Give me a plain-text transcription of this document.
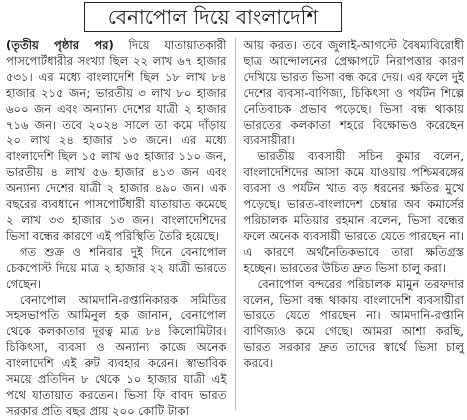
বেনাপোল দিয়ে বাংলাদেশি

(তৃতীয় পৃষ্ঠার পর) দিয়ে যাতায়াতকারী পাসপোর্টধারীর সংখ্যা ছিল ২২ লাখ ৬৭ হাজার ৫৩১। এর মধ্যে বাংলাদেশি ছিল ১৮ লাখ ৮৪ হাজার ২১৫ জন; ভারতীয় ৩ লাখ ৮০ হাজার ৬০০ জন এবং অন্যান্য দেশের যাত্রী ২ হাজার ৭১৬ জন। তবে ২০২৪ সালে তা কমে দাঁড়ায় ২০ লাখ ২৪ হাজার ১৩ জনে। এর মধ্যে বাংলাদেশি ছিল ১৫ লাখ ৬৫ হাজার ১১০ জন, ভারতীয় ৪ লাখ ৫৬ হাজার ৪১৩ জন এবং অন্যান্য দেশের যাত্রী ২ হাজার ৪৯০ জন। এক বছরের ব্যবধানে পাসপোর্টধারী যাতায়াত কমেছে ২ লাখ ৩৩ হাজার ১৩ জন। বাংলাদেশিদের ভিসা বন্ধের কারণে এই পরিস্থিতি তৈরি হয়েছে।

গত শুক্র ও শনিবার দুই দিনে বেনাপোল চেকপোস্ট দিয়ে মাত্র ২ হাজার ২২ যাত্রী ভারতে গেছেন।

বেনাপোল আমদানি-রপ্তানিকারক সমিতির সহসভাপতি আমিনুল হক জানান, বেনাপোল থেকে কলকাতার দূরত্ব মাত্র ৮৪ কিলোমিটার। চিকিৎসা, ব্যবসা ও অন্যান্য কাজে অনেক বাংলাদেশি এই রুট ব্যবহার করেন। স্বাভাবিক সময়ে প্রতিদিন ৮ থেকে ১০ হাজার যাত্রী এই পথে যাতায়াত করতেন। ভিসা ফি বাবদ ভারত সরকার প্রতি বছর প্রায় ২০০ কোটি টাকা

আয় করত। তবে জুলাই-আগস্টে বৈষম্যবিরোধী ছাত্র আন্দোলনের প্রেক্ষাপটে নিরাপত্তার কারণ দেখিয়ে ভারত ভিসা বন্ধ করে দেয়। এর ফলে দুই দেশের ব্যবসা-বাণিজ্য, চিকিৎসা ও পর্যটন শিল্পে নেতিবাচক প্রভাব পড়েছে। ভিসা বন্ধ থাকায় ভারতের কলকাতা শহরে বিক্ষোভও করেছেন ব্যবসায়ীরা।

ভারতীয় ব্যবসায়ী সচিন কুমার বলেন, বাংলাদেশিদের আসা কমে যাওয়ায় পশ্চিমবঙ্গের ব্যবসা ও পর্যটন খাত বড় ধরনের ক্ষতির মুখে পড়েছে। ভারত-বাংলাদেশ চেম্বার অব কমার্সের পরিচালক মতিয়ার রহমান বলেন, ভিসা বন্ধের ফলে অনেক ব্যবসায়ী ভারতে যেতে পারছেন না। এ কারণে অর্থনৈতিকভাবে তারা ক্ষতিগ্রস্ত হচ্ছেন। ভারতের উচিত দ্রুত ভিসা চালু করা।

বেনাপোল বন্দরের পরিচালক মামুন তরফদার বলেন, ভিসা বন্ধ থাকায় বাংলাদেশি ব্যবসায়ীরা ভারতে যেতে পারছেন না। আমদানি-রপ্তানি বাণিজ্যও কমে গেছে। আমরা আশা করছি, ভারত সরকার দ্রুত তাদের স্বার্থে ভিসা চালু করবে।
